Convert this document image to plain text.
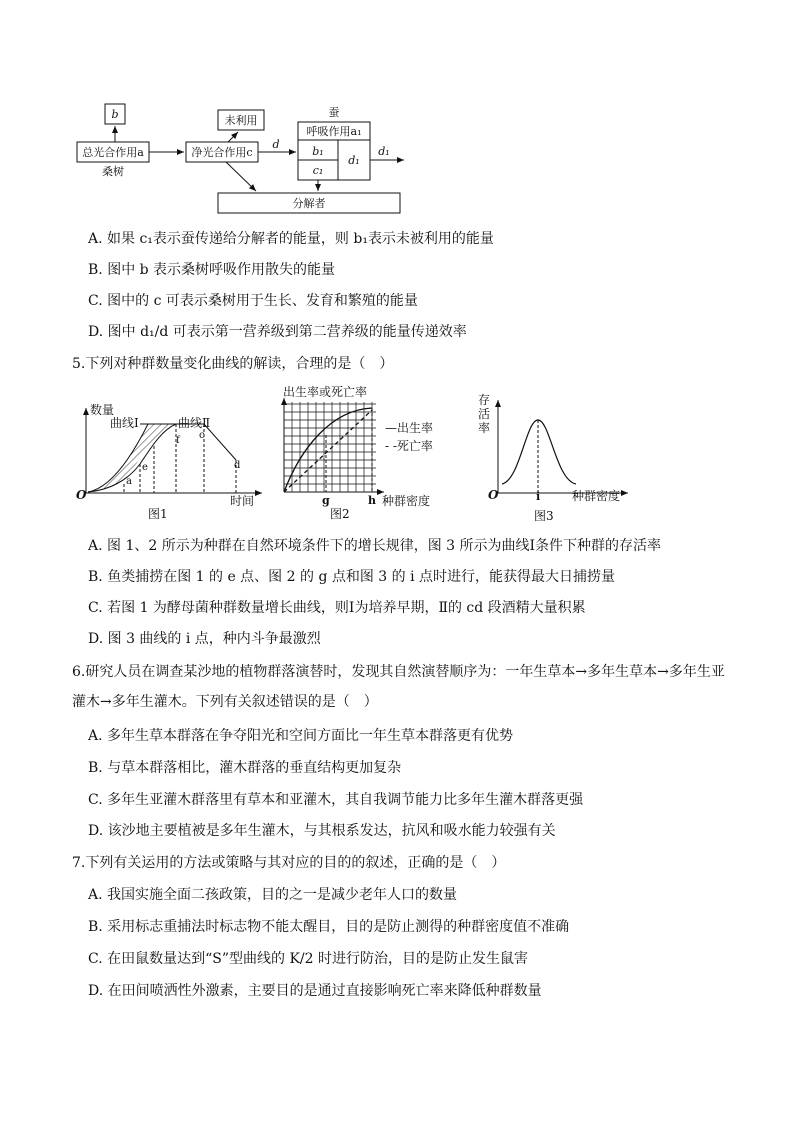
b
总光合作用a
桑树
净光合作用c
未利用
d
蚕
呼吸作用a₁
b₁
c₁
d₁
d₁
分解者
A. 如果 c₁表示蚕传递给分解者的能量，则 b₁表示未被利用的能量
B. 图中 b 表示桑树呼吸作用散失的能量
C. 图中的 c 可表示桑树用于生长、发育和繁殖的能量
D. 图中 d₁/d 可表示第一营养级到第二营养级的能量传递效率
5.下列对种群数量变化曲线的解读，合理的是（　）
数量
曲线Ⅰ	曲线Ⅱ
时间
O
a
e
f c
d
图1
出生率或死亡率
—出生率
- -死亡率
g	h 种群密度
图2
存
活
率
O	i	种群密度
图3
A. 图 1、2 所示为种群在自然环境条件下的增长规律，图 3 所示为曲线Ⅰ条件下种群的存活率
B. 鱼类捕捞在图 1 的 e 点、图 2 的 g 点和图 3 的 i 点时进行，能获得最大日捕捞量
C. 若图 1 为酵母菌种群数量增长曲线，则Ⅰ为培养早期，Ⅱ的 cd 段酒精大量积累
D. 图 3 曲线的 i 点，种内斗争最激烈
6.研究人员在调查某沙地的植物群落演替时，发现其自然演替顺序为：一年生草本→多年生草本→多年生亚
灌木→多年生灌木。下列有关叙述错误的是（　）
A. 多年生草本群落在争夺阳光和空间方面比一年生草本群落更有优势
B. 与草本群落相比，灌木群落的垂直结构更加复杂
C. 多年生亚灌木群落里有草本和亚灌木，其自我调节能力比多年生灌木群落更强
D. 该沙地主要植被是多年生灌木，与其根系发达，抗风和吸水能力较强有关
7.下列有关运用的方法或策略与其对应的目的的叙述，正确的是（　）
A. 我国实施全面二孩政策，目的之一是减少老年人口的数量
B. 采用标志重捕法时标志物不能太醒目，目的是防止测得的种群密度值不准确
C. 在田鼠数量达到“S”型曲线的 K/2 时进行防治，目的是防止发生鼠害
D. 在田间喷洒性外激素，主要目的是通过直接影响死亡率来降低种群数量
